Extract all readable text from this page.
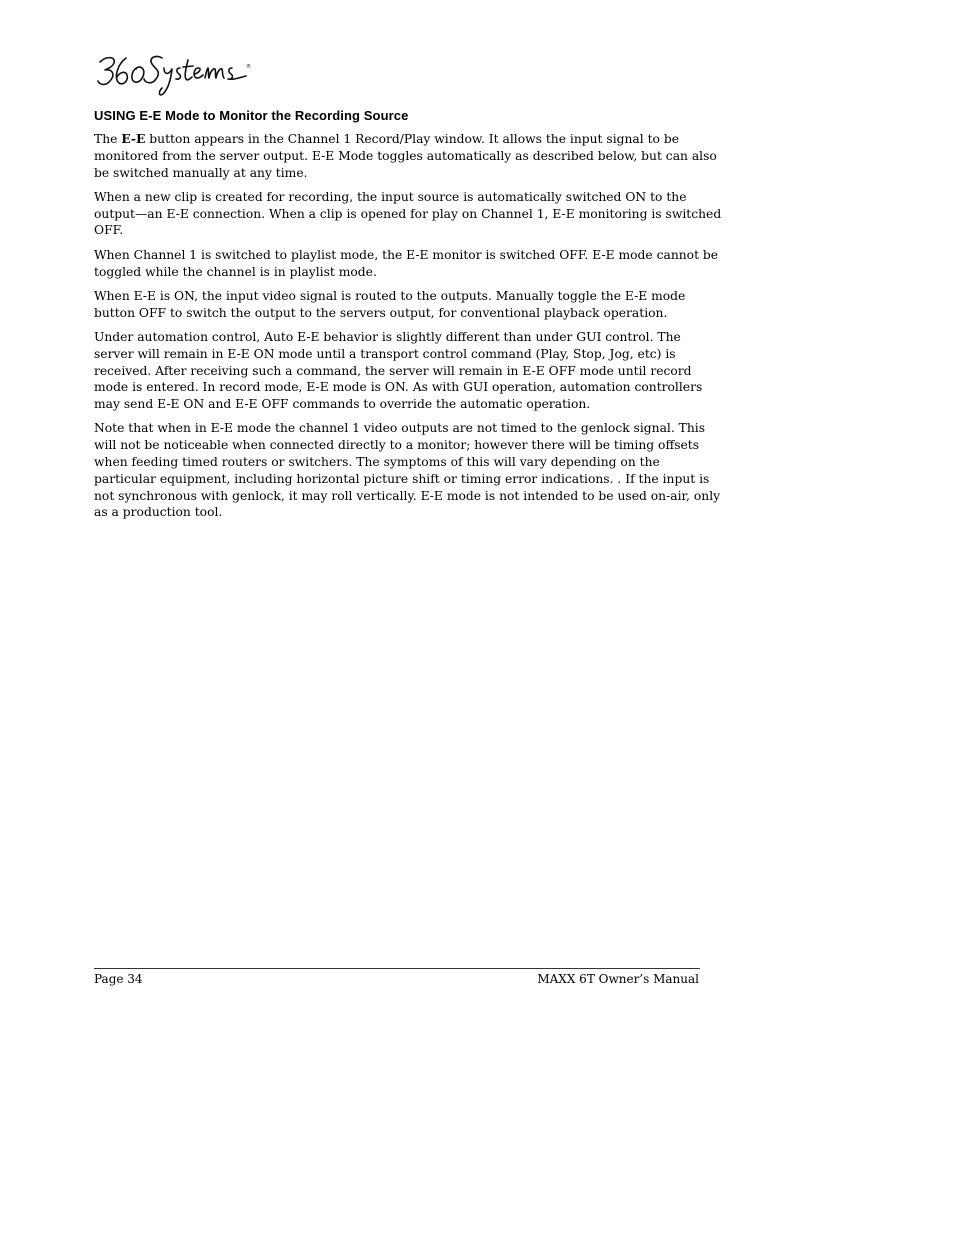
®
USING E-E Mode to Monitor the Recording Source

The E-E button appears in the Channel 1 Record/Play window. It allows the input signal to be monitored from the server output. E-E Mode toggles automatically as described below, but can also be switched manually at any time.

When a new clip is created for recording, the input source is automatically switched ON to the output—an E-E connection. When a clip is opened for play on Channel 1, E-E monitoring is switched OFF.

When Channel 1 is switched to playlist mode, the E-E monitor is switched OFF. E-E mode cannot be toggled while the channel is in playlist mode.

When E-E is ON, the input video signal is routed to the outputs. Manually toggle the E-E mode button OFF to switch the output to the servers output, for conventional playback operation.

Under automation control, Auto E-E behavior is slightly different than under GUI control. The server will remain in E-E ON mode until a transport control command (Play, Stop, Jog, etc) is received. After receiving such a command, the server will remain in E-E OFF mode until record mode is entered. In record mode, E-E mode is ON. As with GUI operation, automation controllers may send E-E ON and E-E OFF commands to override the automatic operation.

Note that when in E-E mode the channel 1 video outputs are not timed to the genlock signal. This will not be noticeable when connected directly to a monitor; however there will be timing offsets when feeding timed routers or switchers. The symptoms of this will vary depending on the particular equipment, including horizontal picture shift or timing error indications. . If the input is not synchronous with genlock, it may roll vertically. E-E mode is not intended to be used on-air, only as a production tool.

Page 34	MAXX 6T Owner’s Manual
